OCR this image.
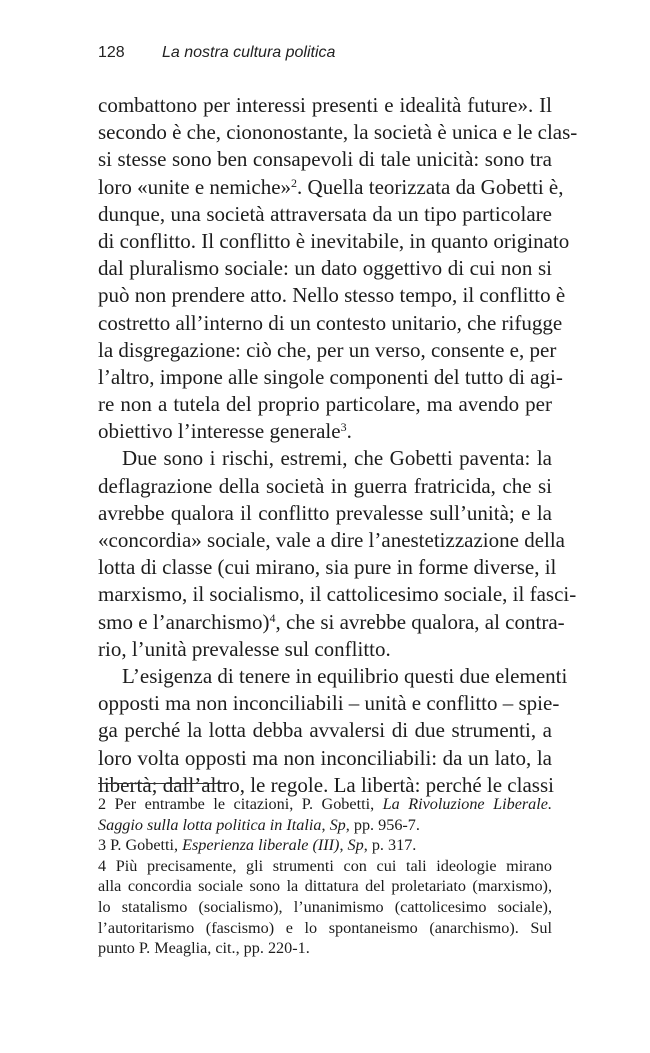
128 La nostra cultura politica
combattono per interessi presenti e idealità future». Il
secondo è che, ciononostante, la società è unica e le clas-
si stesse sono ben consapevoli di tale unicità: sono tra
loro «unite e nemiche»$^2$. Quella teorizzata da Gobetti è,
dunque, una società attraversata da un tipo particolare
di conflitto. Il conflitto è inevitabile, in quanto originato
dal pluralismo sociale: un dato oggettivo di cui non si
può non prendere atto. Nello stesso tempo, il conflitto è
costretto all’interno di un contesto unitario, che rifugge
la disgregazione: ciò che, per un verso, consente e, per
l’altro, impone alle singole componenti del tutto di agi-
re non a tutela del proprio particolare, ma avendo per
obiettivo l’interesse generale$^3$.
Due sono i rischi, estremi, che Gobetti paventa: la
deflagrazione della società in guerra fratricida, che si
avrebbe qualora il conflitto prevalesse sull’unità; e la
«concordia» sociale, vale a dire l’anestetizzazione della
lotta di classe (cui mirano, sia pure in forme diverse, il
marxismo, il socialismo, il cattolicesimo sociale, il fasci-
smo e l’anarchismo)$^4$, che si avrebbe qualora, al contra-
rio, l’unità prevalesse sul conflitto.
L’esigenza di tenere in equilibrio questi due elementi
opposti ma non inconciliabili – unità e conflitto – spie-
ga perché la lotta debba avvalersi di due strumenti, a
loro volta opposti ma non inconciliabili: da un lato, la
libertà; dall’altro, le regole. La libertà: perché le classi
2 Per entrambe le citazioni, P. Gobetti, La Rivoluzione Liberale.
Saggio sulla lotta politica in Italia, Sp, pp. 956-7.
3 P. Gobetti, Esperienza liberale (III), Sp, p. 317.
4 Più precisamente, gli strumenti con cui tali ideologie mirano
alla concordia sociale sono la dittatura del proletariato (marxismo),
lo statalismo (socialismo), l’unanimismo (cattolicesimo sociale),
l’autoritarismo (fascismo) e lo spontaneismo (anarchismo). Sul
punto P. Meaglia, cit., pp. 220-1.
